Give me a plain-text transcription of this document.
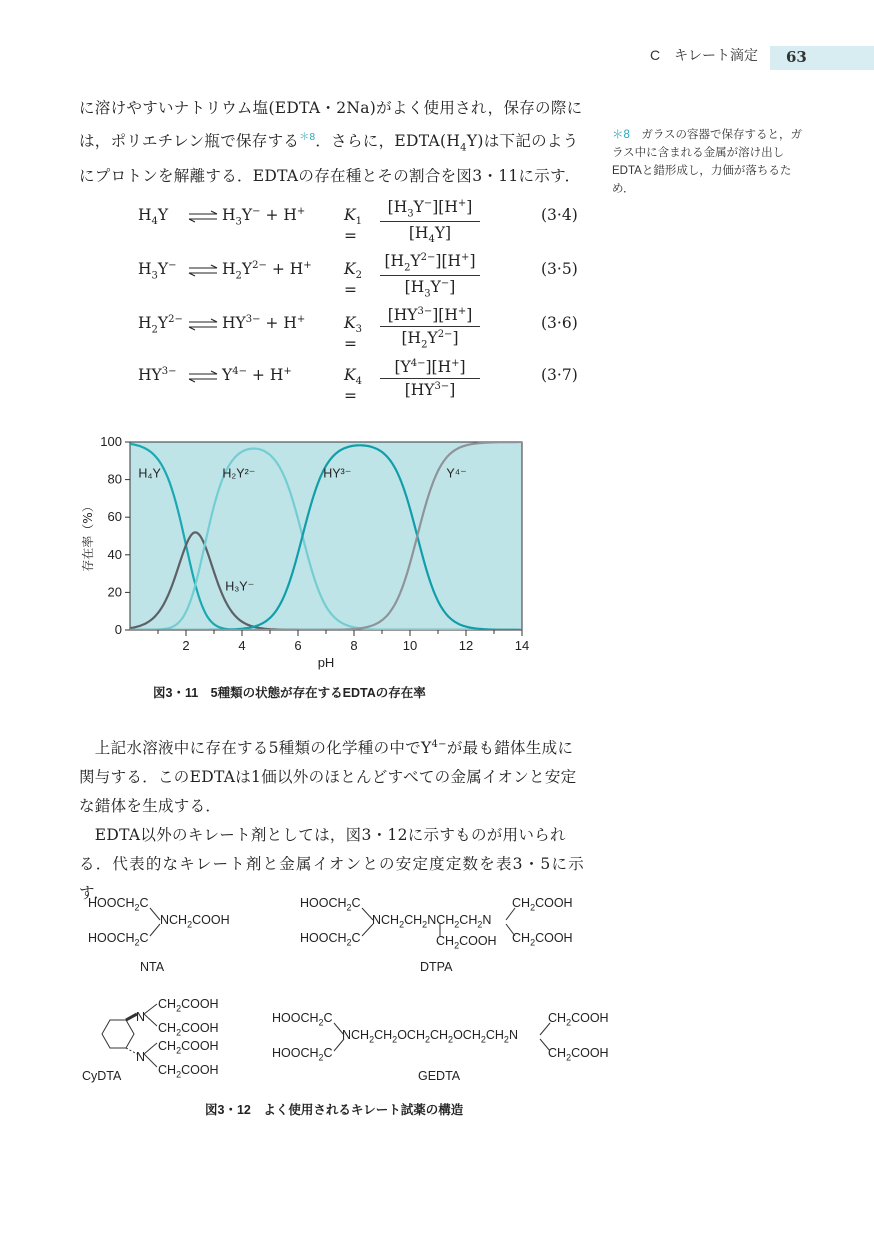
C　キレート滴定 63
に溶けやすいナトリウム塩(EDTA・2Na)がよく使用され，保存の際に
は，ポリエチレン瓶で保存する$^{*8}$．さらに，$EDTA(H_4Y)$は下記のよう
にプロトンを解離する．EDTAの存在種とその割合を図3・11に示す．
＊8　 ガラスの容器で保存すると，ガラス中に含まれる金属が溶け出しEDTAと錯形成し，力価が落ちるため．
$H_4Y$	⇌ $H_3Y^- + H^+$	$K_1$ =	$\frac{[H_3Y^-][H^+]}{[H_4Y]}$	(3·4)
$H_3Y^-$ ⇌ $H_2Y^{2-} + H^+$	$K_2$ =	$\frac{[H_2Y^{2-}][H^+]}{[H_3Y^-]}$	(3·5)
$H_2Y^{2-}$ ⇌ $HY^{3-} + H^+$	$K_3$ =	$\frac{[HY^{3-}][H^+]}{[H_2Y^{2-}]}$	(3·6)
$HY^{3-}$ ⇌ $Y^{4-} + H^+$	$K_4$ =	$\frac{[Y^{4-}][H^+]}{[HY^{3-}]}$	(3·7)
0
20
40
60
80
100
2	4	6	8	10	12	14
pH
存在率（%）
H₄Y	H₂Y²⁻	HY³⁻	Y⁴⁻
H₃Y⁻
図3・11　5種類の状態が存在するEDTAの存在率
　上記水溶液中に存在する5種類の化学種の中で$Y^{4-}$が最も錯体生成に
関与する．このEDTAは1価以外のほとんどすべての金属イオンと安定
な錯体を生成する．
　EDTA以外のキレート剤としては，図3・12に示すものが用いられ
る．代表的なキレート剤と金属イオンとの安定度定数を表3・5に示す．
$HOOCH_2C$
$NCH_2COOH$
$HOOCH_2C$
NTA
$HOOCH_2C$	$CH_2COOH$
$NCH_2CH_2NCH_2CH_2N$
$HOOCH_2C$	$CH_2COOH$ $CH_2COOH$
DTPA
$CH_2COOH$
N
$CH_2COOH$
$CH_2COOH$
N
$CH_2COOH$
CyDTA
$HOOCH_2C$	$CH_2COOH$
$NCH_2CH_2OCH_2CH_2OCH_2CH_2N$
$HOOCH_2C$	$CH_2COOH$
GEDTA
図3・12　よく使用されるキレート試薬の構造
